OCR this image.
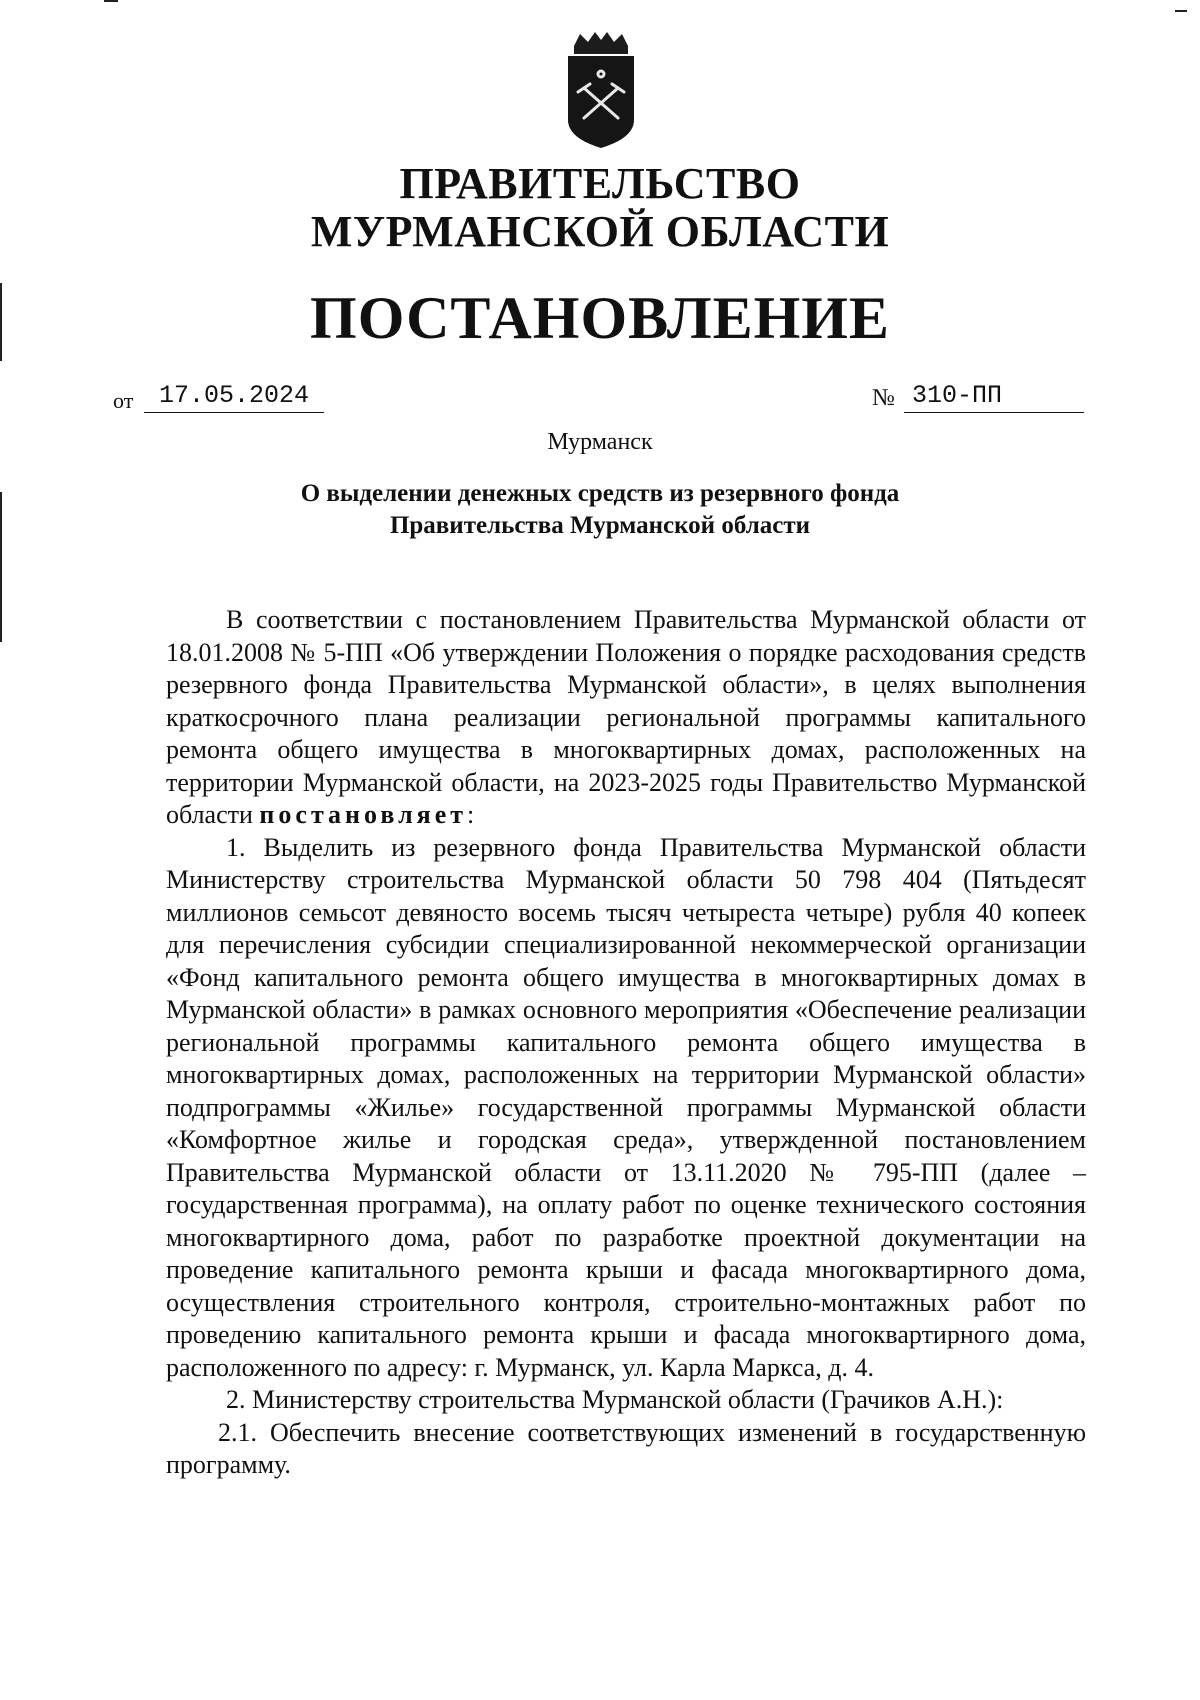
ПРАВИТЕЛЬСТВО
МУРМАНСКОЙ ОБЛАСТИ
ПОСТАНОВЛЕНИЕ
от	17.05.2024	№ 310-ПП
Мурманск
О выделении денежных средств из резервного фонда
Правительства Мурманской области

В соответствии с постановлением Правительства Мурманской области от 18.01.2008 № 5-ПП «Об утверждении Положения о порядке расходования средств резервного фонда Правительства Мурманской области», в целях выполнения краткосрочного плана реализации региональной программы капитального ремонта общего имущества в многоквартирных домах, расположенных на территории Мурманской области, на 2023-2025 годы Правительство Мурманской области постановляет:

1. Выделить из резервного фонда Правительства Мурманской области Министерству строительства Мурманской области 50 798 404 (Пятьдесят миллионов семьсот девяносто восемь тысяч четыреста четыре) рубля 40 копеек для перечисления субсидии специализированной некоммерческой организации «Фонд капитального ремонта общего имущества в многоквартирных домах в Мурманской области» в рамках основного мероприятия «Обеспечение реализации региональной программы капитального ремонта общего имущества в многоквартирных домах, расположенных на территории Мурманской области» подпрограммы «Жилье» государственной программы Мурманской области «Комфортное жилье и городская среда», утвержденной постановлением Правительства Мурманской области от 13.11.2020 № 795-ПП (далее – государственная программа), на оплату работ по оценке технического состояния многоквартирного дома, работ по разработке проектной документации на проведение капитального ремонта крыши и фасада многоквартирного дома, осуществления строительного контроля, строительно-монтажных работ по проведению капитального ремонта крыши и фасада многоквартирного дома, расположенного по адресу: г. Мурманск, ул. Карла Маркса, д. 4.

2. Министерству строительства Мурманской области (Грачиков А.Н.):

2.1. Обеспечить внесение соответствующих изменений в государственную программу.
